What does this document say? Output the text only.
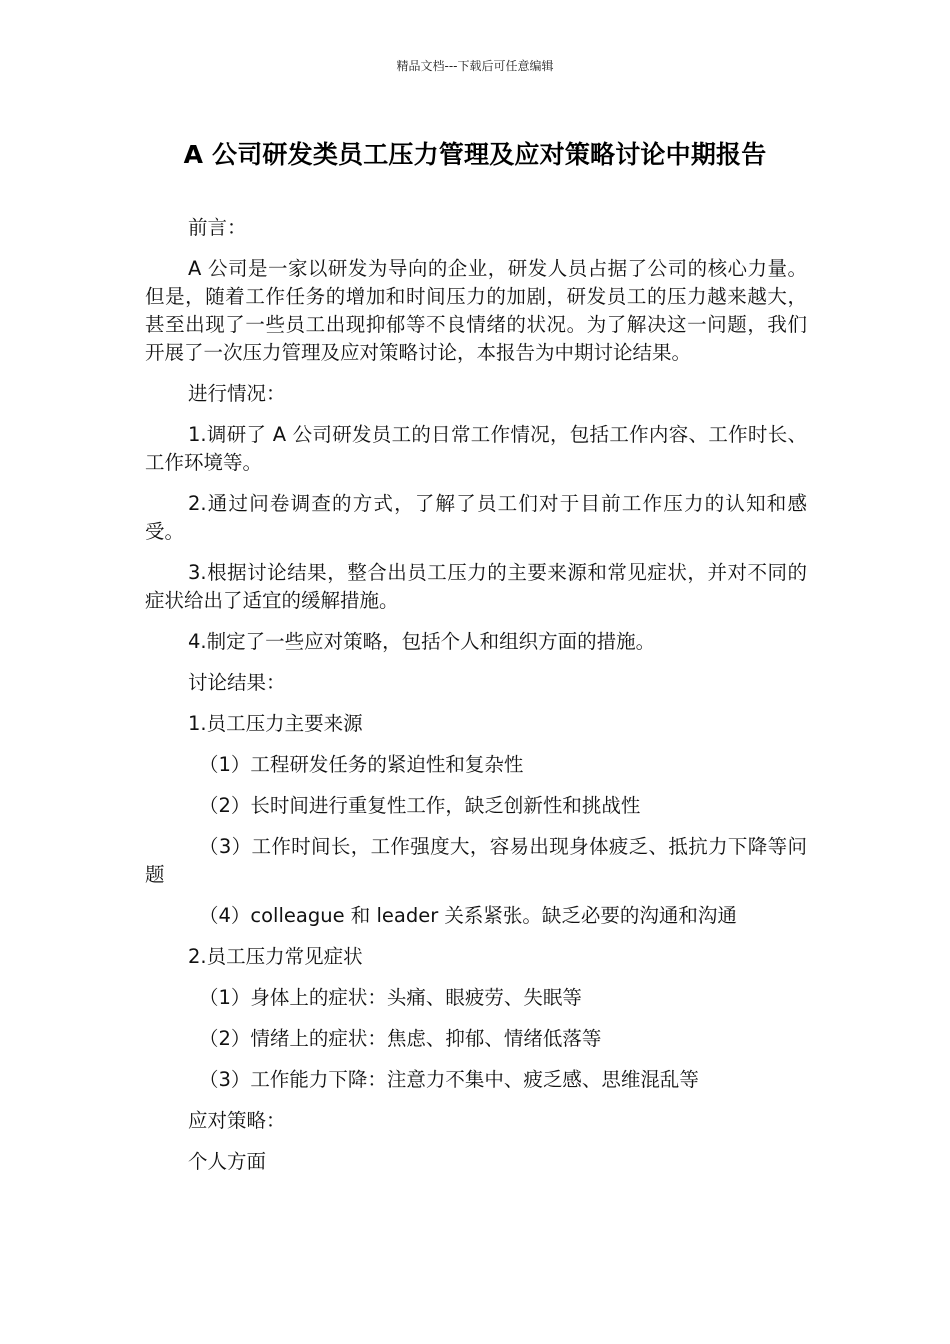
精品文档---下载后可任意编辑
A 公司研发类员工压力管理及应对策略讨论中期报告

前言：

A 公司是一家以研发为导向的企业，研发人员占据了公司的核心力量。但是，随着工作任务的增加和时间压力的加剧，研发员工的压力越来越大，甚至出现了一些员工出现抑郁等不良情绪的状况。为了解决这一问题，我们开展了一次压力管理及应对策略讨论，本报告为中期讨论结果。

进行情况：

1.调研了 A 公司研发员工的日常工作情况，包括工作内容、工作时长、工作环境等。

2.通过问卷调查的方式，了解了员工们对于目前工作压力的认知和感受。

3.根据讨论结果，整合出员工压力的主要来源和常见症状，并对不同的症状给出了适宜的缓解措施。

4.制定了一些应对策略，包括个人和组织方面的措施。

讨论结果：

1.员工压力主要来源

（1）工程研发任务的紧迫性和复杂性

（2）长时间进行重复性工作，缺乏创新性和挑战性

（3）工作时间长，工作强度大，容易出现身体疲乏、抵抗力下降等问题

（4）colleague 和 leader 关系紧张。缺乏必要的沟通和沟通

2.员工压力常见症状

（1）身体上的症状：头痛、眼疲劳、失眠等

（2）情绪上的症状：焦虑、抑郁、情绪低落等

（3）工作能力下降：注意力不集中、疲乏感、思维混乱等

应对策略：

个人方面
